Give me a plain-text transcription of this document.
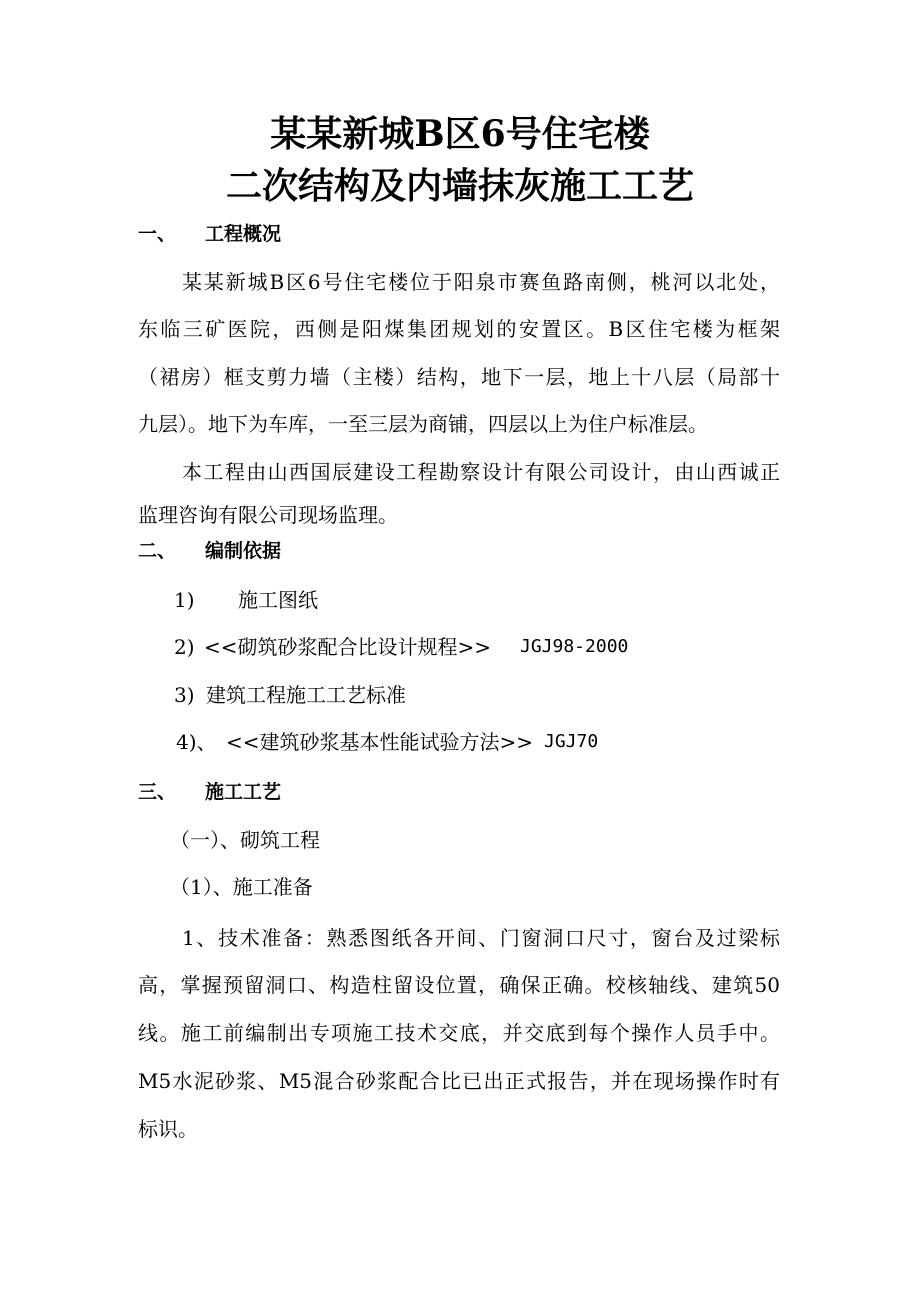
某某新城B区6号住宅楼
二次结构及内墙抹灰施工工艺
一、 工程概况
某某新城B区6号住宅楼位于阳泉市赛鱼路南侧，桃河以北处，
东临三矿医院，西侧是阳煤集团规划的安置区。B区住宅楼为框架
（裙房）框支剪力墙（主楼）结构，地下一层，地上十八层（局部十
九层）。地下为车库，一至三层为商铺，四层以上为住户标准层。
本工程由山西国辰建设工程勘察设计有限公司设计，由山西诚正
监理咨询有限公司现场监理。
二、 编制依据
1) 施工图纸
2) <<砌筑砂浆配合比设计规程>> JGJ98-2000
3) 建筑工程施工工艺标准
4)、 <<建筑砂浆基本性能试验方法>> JGJ70
三、 施工工艺
（一）、砌筑工程
（1）、施工准备
1、技术准备：熟悉图纸各开间、门窗洞口尺寸，窗台及过梁标
高，掌握预留洞口、构造柱留设位置，确保正确。校核轴线、建筑50
线。施工前编制出专项施工技术交底，并交底到每个操作人员手中。
M5水泥砂浆、M5混合砂浆配合比已出正式报告，并在现场操作时有
标识。
